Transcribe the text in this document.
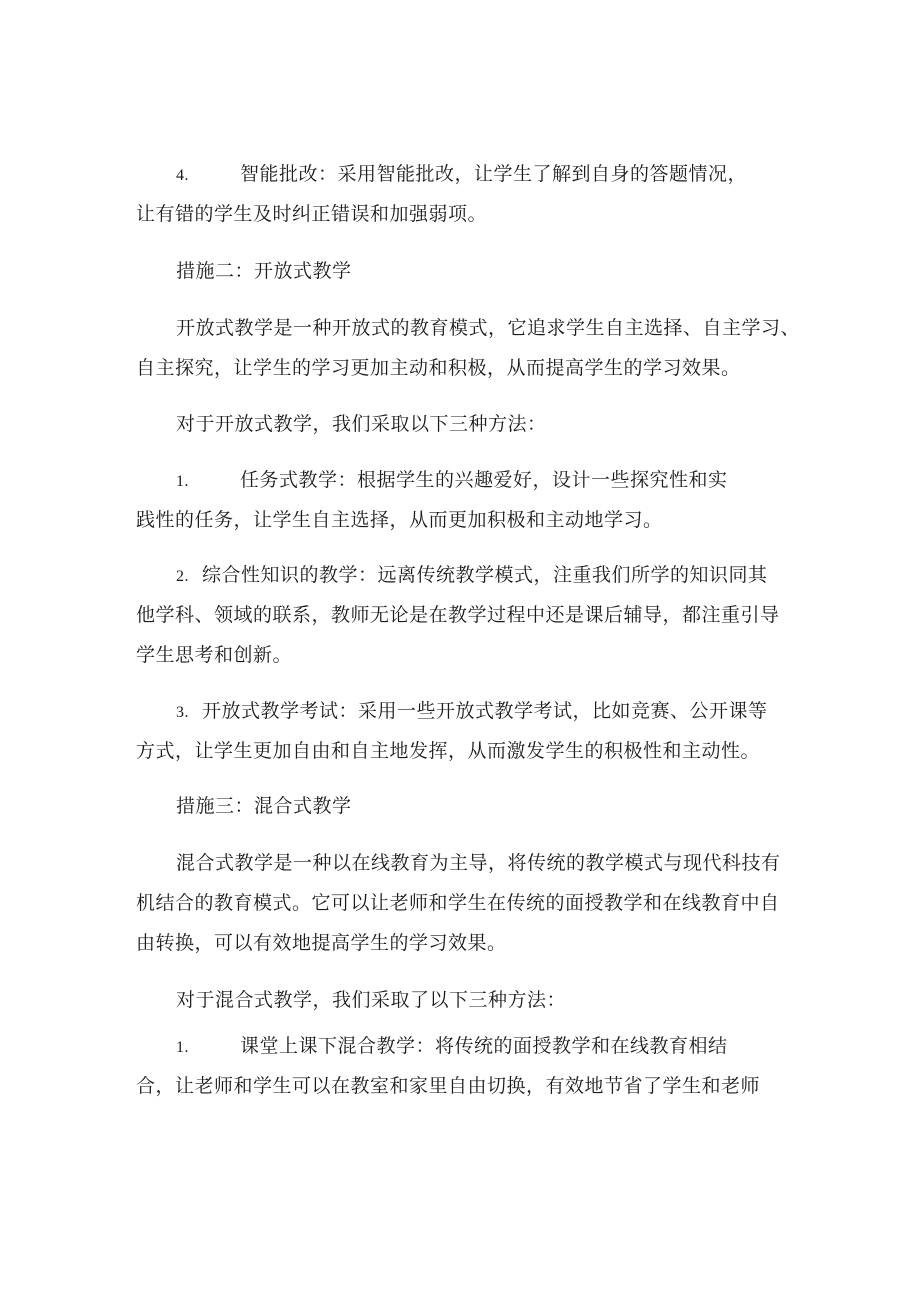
4.	智能批改：采用智能批改，让学生了解到自身的答题情况，
让有错的学生及时纠正错误和加强弱项。
措施二：开放式教学
开放式教学是一种开放式的教育模式，它追求学生自主选择、自主学习、
自主探究，让学生的学习更加主动和积极，从而提高学生的学习效果。
对于开放式教学，我们采取以下三种方法：
1.	任务式教学：根据学生的兴趣爱好，设计一些探究性和实
践性的任务，让学生自主选择，从而更加积极和主动地学习。
2. 综合性知识的教学：远离传统教学模式，注重我们所学的知识同其
他学科、领域的联系，教师无论是在教学过程中还是课后辅导，都注重引导
学生思考和创新。
3. 开放式教学考试：采用一些开放式教学考试，比如竞赛、公开课等
方式，让学生更加自由和自主地发挥，从而激发学生的积极性和主动性。
措施三：混合式教学
混合式教学是一种以在线教育为主导，将传统的教学模式与现代科技有
机结合的教育模式。它可以让老师和学生在传统的面授教学和在线教育中自
由转换，可以有效地提高学生的学习效果。
对于混合式教学，我们采取了以下三种方法：
1.	课堂上课下混合教学：将传统的面授教学和在线教育相结
合，让老师和学生可以在教室和家里自由切换，有效地节省了学生和老师
